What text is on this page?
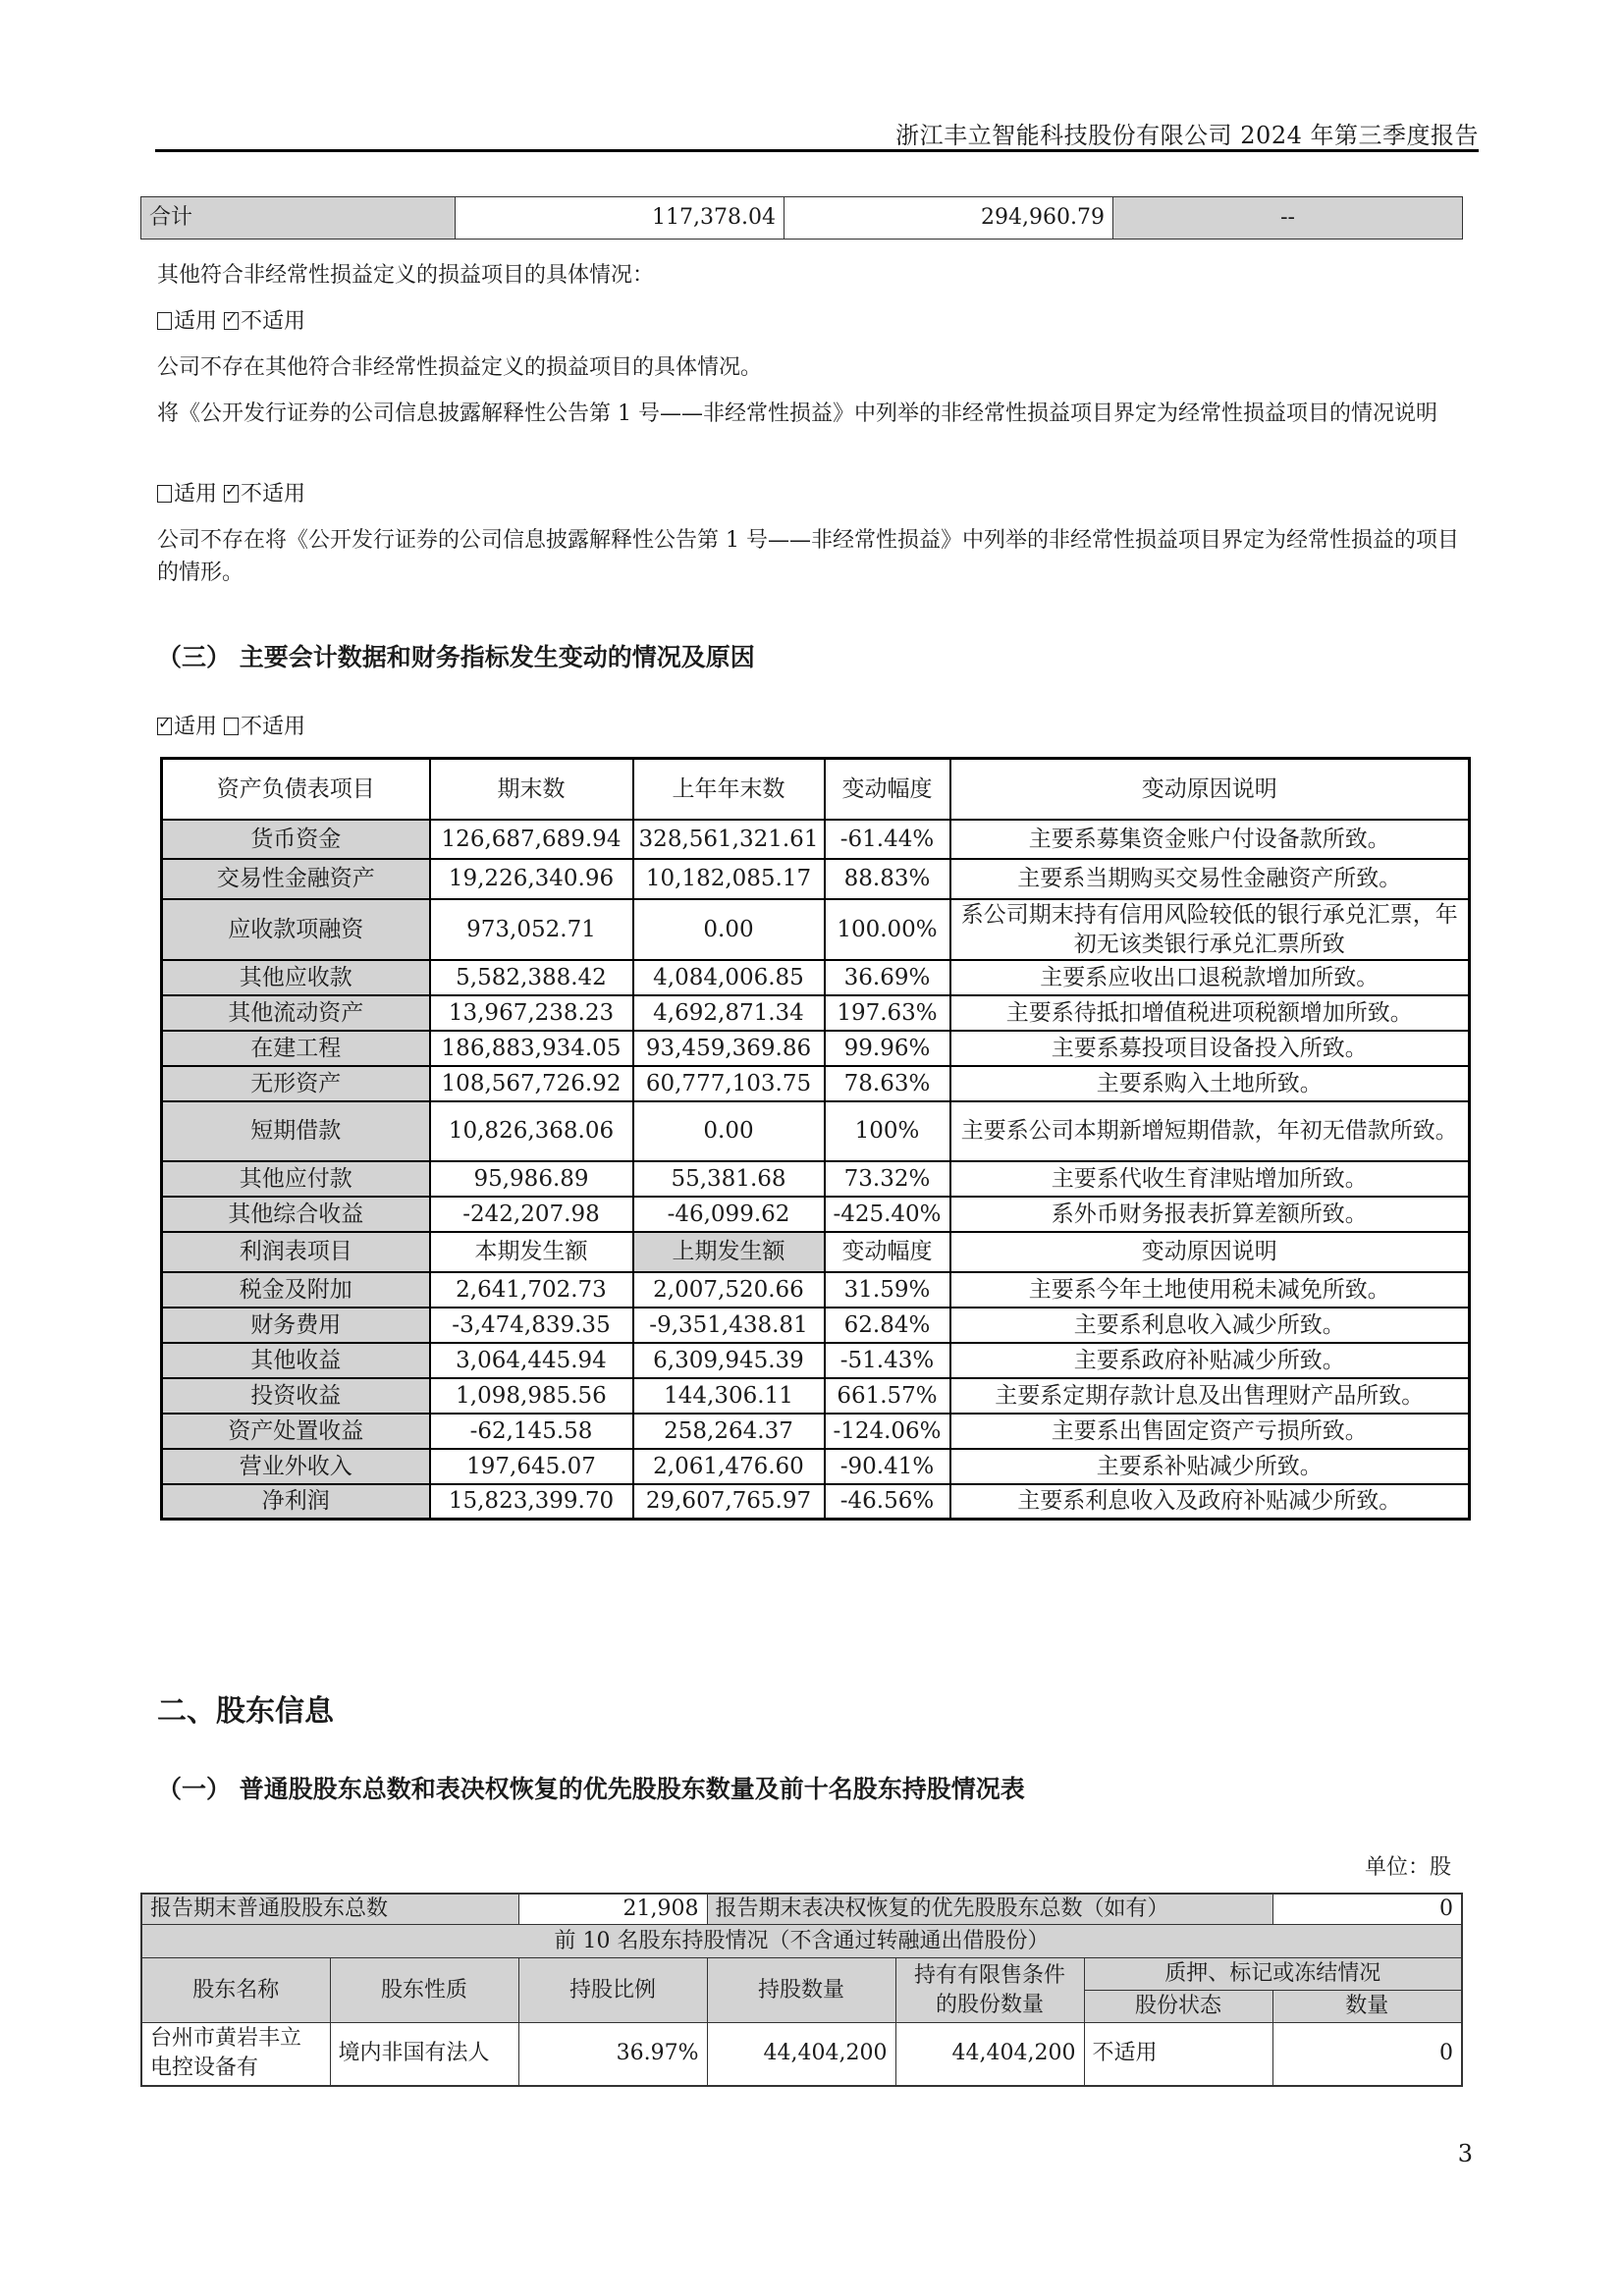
浙江丰立智能科技股份有限公司 2024 年第三季度报告
合计	117,378.04	294,960.79	--
其他符合非经常性损益定义的损益项目的具体情况：
适用 ✓ 不适用
公司不存在其他符合非经常性损益定义的损益项目的具体情况。
将《公开发行证券的公司信息披露解释性公告第 1 号——非经常性损益》中列举的非经常性损益项目界定为经常性损益项目的情况说明
适用 ✓ 不适用
公司不存在将《公开发行证券的公司信息披露解释性公告第 1 号——非经常性损益》中列举的非经常性损益项目界定为经常性损益的项目的情形。
（三） 主要会计数据和财务指标发生变动的情况及原因
✓适用 不适用
资产负债表项目	期末数	上年年末数	变动幅度	变动原因说明
货币资金	126,687,689.94	328,561,321.61	-61.44%	主要系募集资金账户付设备款所致。
交易性金融资产	19,226,340.96	10,182,085.17	88.83%	主要系当期购买交易性金融资产所致。
应收款项融资	973,052.71	0.00	100.00%	系公司期末持有信用风险较低的银行承兑汇票，年初无该类银行承兑汇票所致
其他应收款	5,582,388.42	4,084,006.85	36.69%	主要系应收出口退税款增加所致。
其他流动资产	13,967,238.23	4,692,871.34	197.63%	主要系待抵扣增值税进项税额增加所致。
在建工程	186,883,934.05	93,459,369.86	99.96%	主要系募投项目设备投入所致。
无形资产	108,567,726.92	60,777,103.75	78.63%	主要系购入土地所致。
短期借款	10,826,368.06	0.00	100%	主要系公司本期新增短期借款，年初无借款所致。
其他应付款	95,986.89	55,381.68	73.32%	主要系代收生育津贴增加所致。
其他综合收益	-242,207.98	-46,099.62	-425.40%	系外币财务报表折算差额所致。
利润表项目	本期发生额	上期发生额	变动幅度	变动原因说明
税金及附加	2,641,702.73	2,007,520.66	31.59%	主要系今年土地使用税未减免所致。
财务费用	-3,474,839.35	-9,351,438.81	62.84%	主要系利息收入减少所致。
其他收益	3,064,445.94	6,309,945.39	-51.43%	主要系政府补贴减少所致。
投资收益	1,098,985.56	144,306.11	661.57%	主要系定期存款计息及出售理财产品所致。
资产处置收益	-62,145.58	258,264.37	-124.06%	主要系出售固定资产亏损所致。
营业外收入	197,645.07	2,061,476.60	-90.41%	主要系补贴减少所致。
净利润	15,823,399.70	29,607,765.97	-46.56%	主要系利息收入及政府补贴减少所致。
二、股东信息
（一） 普通股股东总数和表决权恢复的优先股股东数量及前十名股东持股情况表
单位：股
报告期末普通股股东总数		21,908	报告期末表决权恢复的优先股股东总数（如有）			0
前 10 名股东持股情况（不含通过转融通出借股份）						
股东名称	股东性质	持股比例	持股数量	持有有限售条件的股份数量	质押、标记或冻结情况	
					股份状态	数量
台州市黄岩丰立电控设备有	境内非国有法人	36.97%	44,404,200	44,404,200	不适用	0
3
